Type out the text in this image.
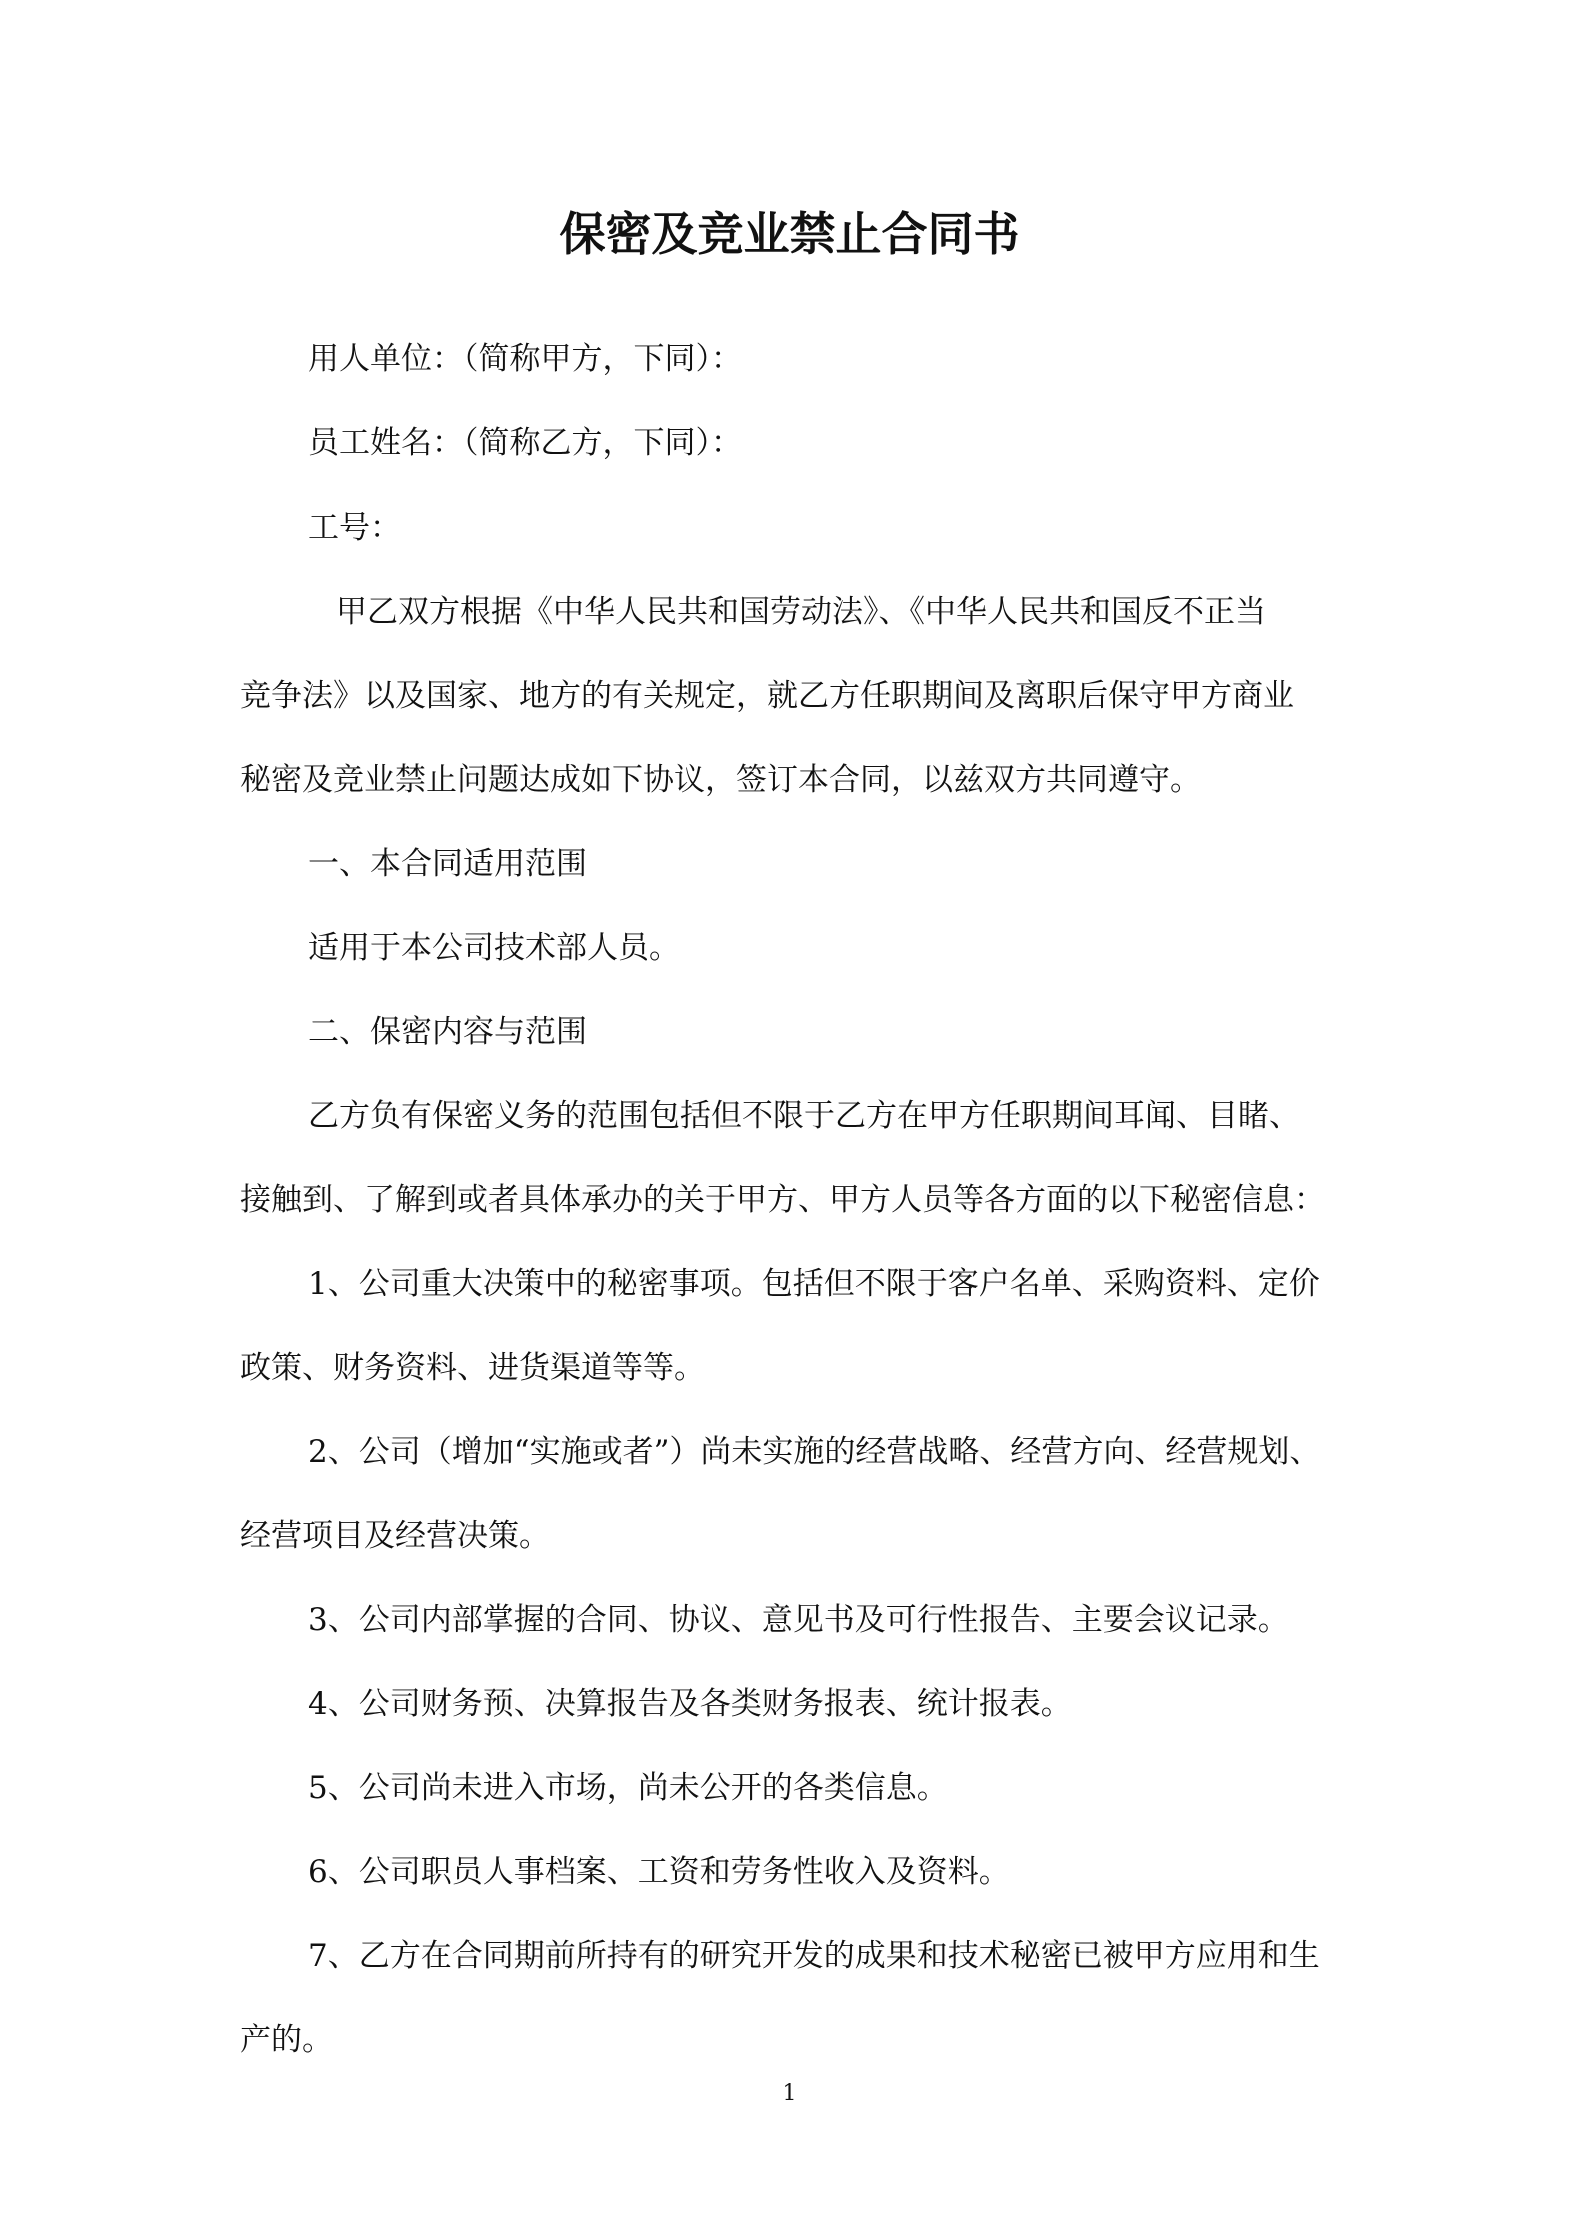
保密及竞业禁止合同书

用人单位：（简称甲方，下同）：

员工姓名：（简称乙方，下同）：

工号：

甲乙双方根据《中华人民共和国劳动法》、《中华人民共和国反不正当

竞争法》以及国家、地方的有关规定，就乙方任职期间及离职后保守甲方商业

秘密及竞业禁止问题达成如下协议，签订本合同，以兹双方共同遵守。

一、本合同适用范围

适用于本公司技术部人员。

二、保密内容与范围

乙方负有保密义务的范围包括但不限于乙方在甲方任职期间耳闻、目睹、

接触到、了解到或者具体承办的关于甲方、甲方人员等各方面的以下秘密信息：

1、公司重大决策中的秘密事项。包括但不限于客户名单、采购资料、定价

政策、财务资料、进货渠道等等。

2、公司（增加“实施或者”）尚未实施的经营战略、经营方向、经营规划、

经营项目及经营决策。

3、公司内部掌握的合同、协议、意见书及可行性报告、主要会议记录。

4、公司财务预、决算报告及各类财务报表、统计报表。

5、公司尚未进入市场，尚未公开的各类信息。

6、公司职员人事档案、工资和劳务性收入及资料。

7、乙方在合同期前所持有的研究开发的成果和技术秘密已被甲方应用和生

产的。

1
